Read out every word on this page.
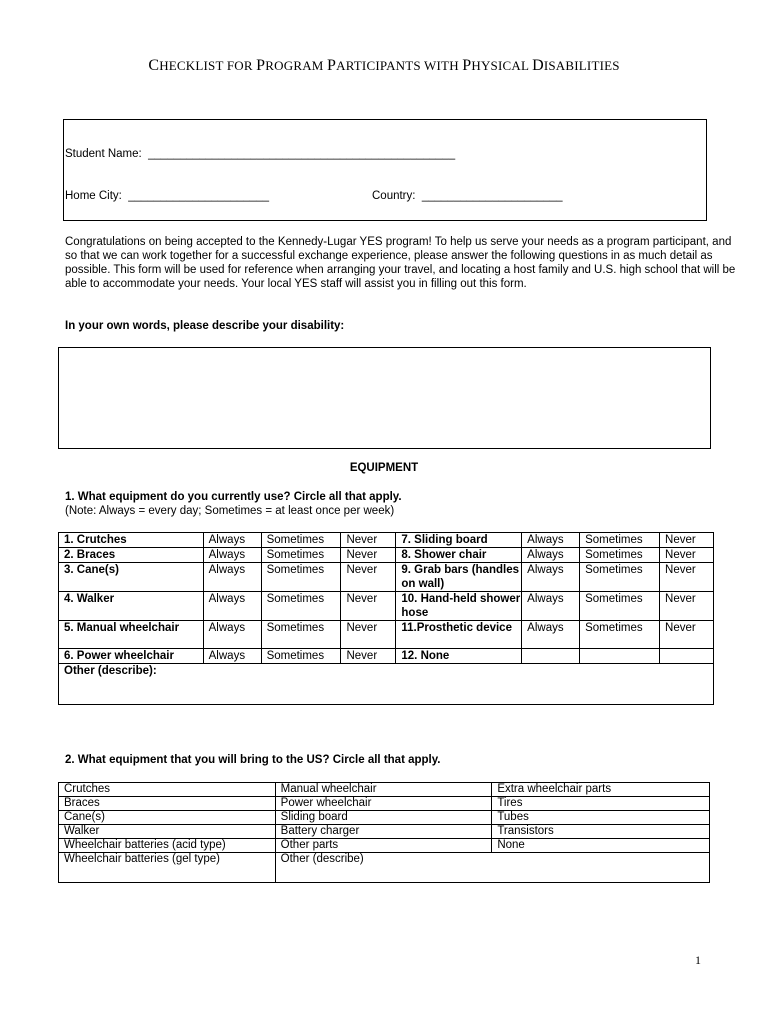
CHECKLIST FOR PROGRAM PARTICIPANTS WITH PHYSICAL DISABILITIES
Student Name:  ________________________________________________
Home City:  ______________________	Country:  ______________________

Congratulations on being accepted to the Kennedy-Lugar YES program! To help us serve your needs as a program participant, and so that we can work together for a successful exchange experience, please answer the following questions in as much detail as possible. This form will be used for reference when arranging your travel, and locating a host family and U.S. high school that will be able to accommodate your needs. Your local YES staff will assist you in filling out this form.

In your own words, please describe your disability:
EQUIPMENT
1. What equipment do you currently use? Circle all that apply.
(Note: Always = every day; Sometimes = at least once per week)
1. Crutches	Always	Sometimes	Never	7. Sliding board	Always	Sometimes	Never
2. Braces	Always	Sometimes	Never	8. Shower chair	Always	Sometimes	Never
3. Cane(s)	Always	Sometimes	Never	9. Grab bars (handles on wall)	Always	Sometimes	Never
4. Walker	Always	Sometimes	Never	10. Hand-held shower hose	Always	Sometimes	Never
5. Manual wheelchair	Always	Sometimes	Never	11.Prosthetic device	Always	Sometimes	Never
6. Power wheelchair	Always	Sometimes	Never	12. None			
Other (describe):							
2. What equipment that you will bring to the US? Circle all that apply.
Crutches	Manual wheelchair	Extra wheelchair parts
Braces	Power wheelchair	Tires
Cane(s)	Sliding board	Tubes
Walker	Battery charger	Transistors
Wheelchair batteries (acid type)	Other parts	None
Wheelchair batteries (gel type)	Other (describe)	
1
